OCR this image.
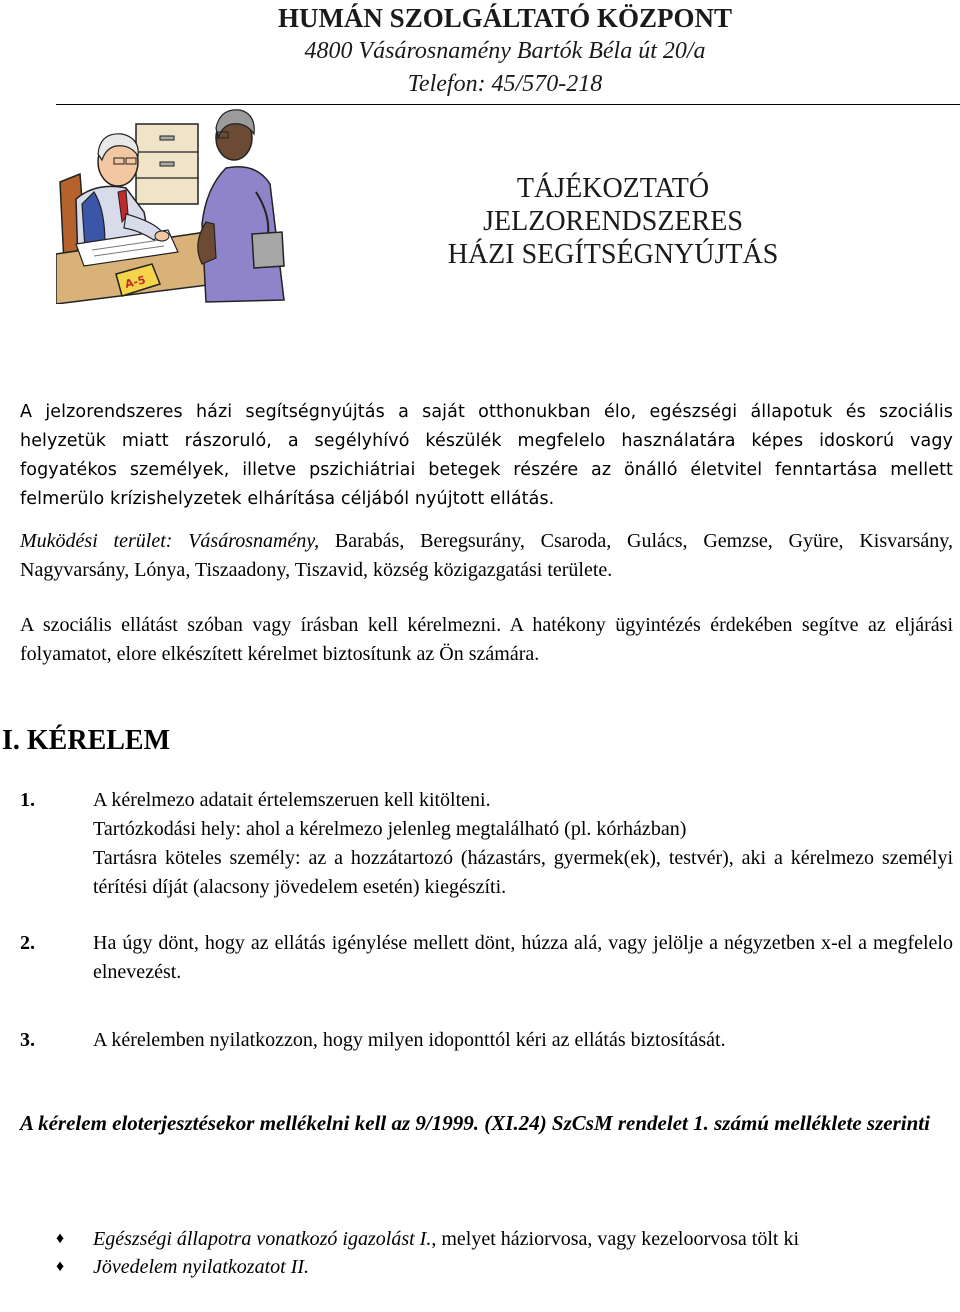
HUMÁN SZOLGÁLTATÓ KÖZPONT
4800 Vásárosnamény Bartók Béla út 20/a
Telefon: 45/570-218
A-5
TÁJÉKOZTATÓ
JELZORENDSZERES
HÁZI SEGÍTSÉGNYÚJTÁS
A jelzorendszeres házi segítségnyújtás a saját otthonukban élo, egészségi állapotuk és szociális helyzetük miatt rászoruló, a segélyhívó készülék megfelelo használatára képes idoskorú vagy fogyatékos személyek, illetve pszichiátriai betegek részére az önálló életvitel fenntartása mellett felmerülo krízishelyzetek elhárítása céljából nyújtott ellátás.
Muködési terület: Vásárosnamény, Barabás, Beregsurány, Csaroda, Gulács, Gemzse, Gyüre, Kisvarsány, Nagyvarsány, Lónya, Tiszaadony, Tiszavid, község közigazgatási területe.
A szociális ellátást szóban vagy írásban kell kérelmezni. A hatékony ügyintézés érdekében segítve az eljárási folyamatot, elore elkészített kérelmet biztosítunk az Ön számára.
I. KÉRELEM
1.	A kérelmezo adatait értelemszeruen kell kitölteni.
Tartózkodási hely: ahol a kérelmezo jelenleg megtalálható (pl. kórházban)
Tartásra köteles személy: az a hozzátartozó (házastárs, gyermek(ek), testvér), aki a kérelmezo személyi térítési díját (alacsony jövedelem esetén) kiegészíti.
2.	Ha úgy dönt, hogy az ellátás igénylése mellett dönt, húzza alá, vagy jelölje a négyzetben x-el a megfelelo elnevezést.
3.	A kérelemben nyilatkozzon, hogy milyen idoponttól kéri az ellátás biztosítását.
A kérelem eloterjesztésekor mellékelni kell az 9/1999. (XI.24) SzCsM rendelet 1. számú melléklete szerinti
♦ Egészségi állapotra vonatkozó igazolást I., melyet háziorvosa, vagy kezeloorvosa tölt ki
♦ Jövedelem nyilatkozatot II.
